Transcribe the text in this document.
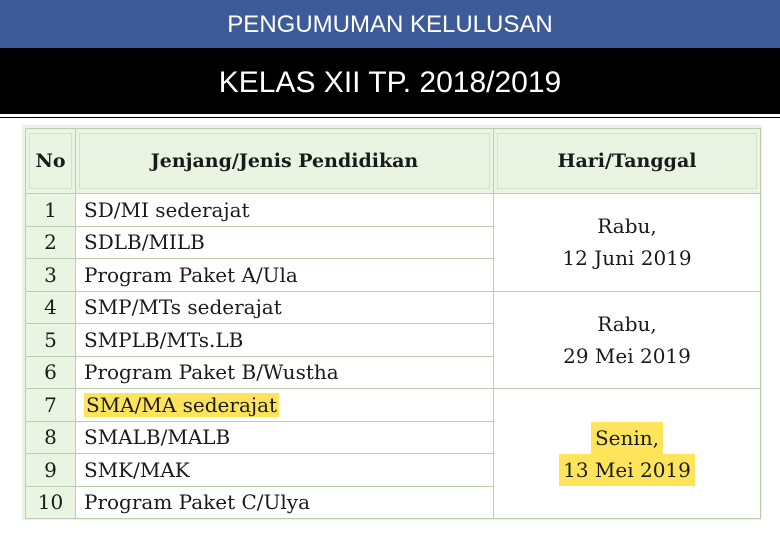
PENGUMUMAN KELULUSAN
KELAS XII TP. 2018/2019
No	Jenjang/Jenis Pendidikan	Hari/Tanggal

1	SD/MI sederajat	Rabu,
12 Juni 2019

2	SDLB/MILB	
3	Program Paket A/Ula	
4	SMP/MTs sederajat	Rabu,
29 Mei 2019

5	SMPLB/MTs.LB	
6	Program Paket B/Wustha	
7	SMA/MA sederajat	Senin,
13 Mei 2019

8	SMALB/MALB	
9	SMK/MAK	
10	Program Paket C/Ulya	
